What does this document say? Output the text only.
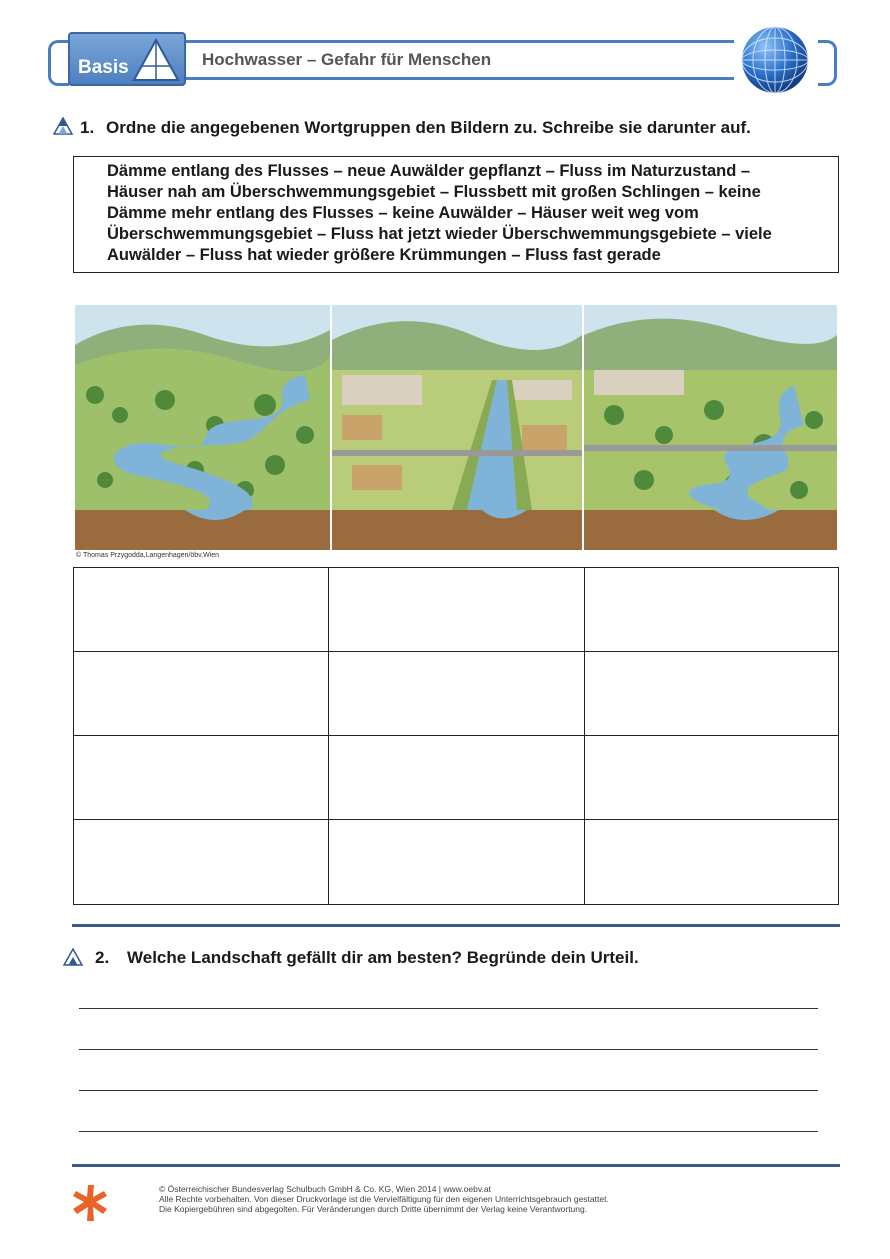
Basis	Hochwasser – Gefahr für Menschen
1. Ordne die angegebenen Wortgruppen den Bildern zu. Schreibe sie darunter auf.
Dämme entlang des Flusses – neue Auwälder gepflanzt – Fluss im Naturzustand –
Häuser nah am Überschwemmungsgebiet – Flussbett mit großen Schlingen – keine
Dämme mehr entlang des Flusses – keine Auwälder – Häuser weit weg vom
Überschwemmungsgebiet – Fluss hat jetzt wieder Überschwemmungsgebiete – viele
Auwälder – Fluss hat wieder größere Krümmungen – Fluss fast gerade
© Thomas Przygodda,Langenhagen/öbv,Wien
2. Welche Landschaft gefällt dir am besten? Begründe dein Urteil.
© Österreichischer Bundesverlag Schulbuch GmbH & Co. KG, Wien 2014 | www.oebv.at
Alle Rechte vorbehalten. Von dieser Druckvorlage ist die Vervielfältigung für den eigenen Unterrichtsgebrauch gestattet.
Die Kopiergebühren sind abgegolten. Für Veränderungen durch Dritte übernimmt der Verlag keine Verantwortung.
